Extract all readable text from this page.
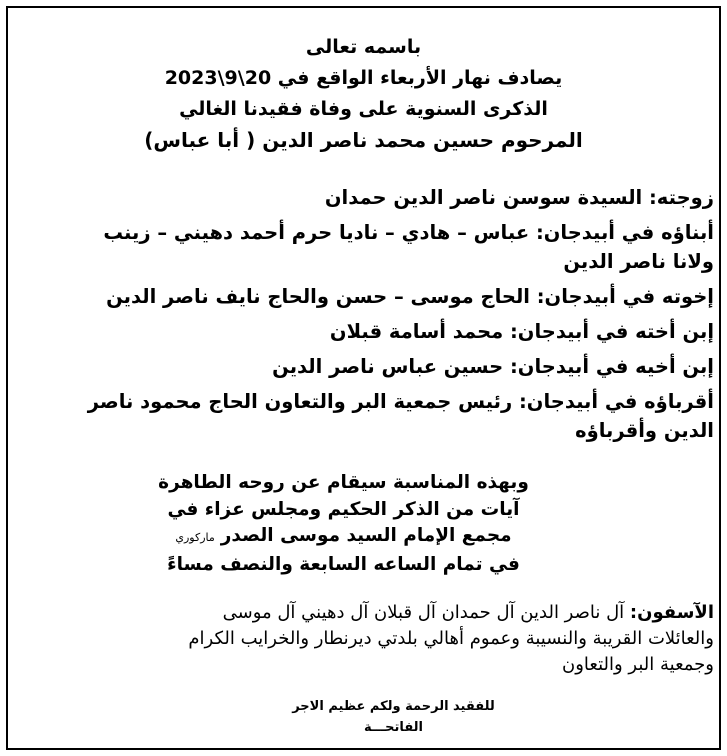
باسمه تعالى
يصادف نهار الأربعاء الواقع في 20\9\2023
الذكرى السنوية على وفاة فقيدنا الغالي
المرحوم حسين محمد ناصر الدين ( أبا عباس)
زوجته: السيدة سوسن ناصر الدين حمدان
أبناؤه في أبيدجان: عباس – هادي – ناديا حرم أحمد دهيني – زينب
ولانا ناصر الدين
إخوته في أبيدجان: الحاج موسى – حسن والحاج نايف ناصر الدين
إبن أخته في أبيدجان: محمد أسامة قبلان
إبن أخيه في أبيدجان: حسين عباس ناصر الدين
أقرباؤه في أبيدجان: رئيس جمعية البر والتعاون الحاج محمود ناصر
الدين وأقرباؤه
وبهذه المناسبة سيقام عن روحه الطاهرة
آيات من الذكر الحكيم ومجلس عزاء في
مجمع الإمام السيد موسى الصدرماركوري
في تمام الساعه السابعة والنصف مساءً
الآسفون: آل ناصر الدين آل حمدان آل قبلان آل دهيني آل موسى
والعائلات القريبة والنسيبة وعموم أهالي بلدتي ديرنطار والخرايب الكرام
وجمعية البر والتعاون
للفقيد الرحمة ولكم عظيم الاجر
الفاتحـــة
